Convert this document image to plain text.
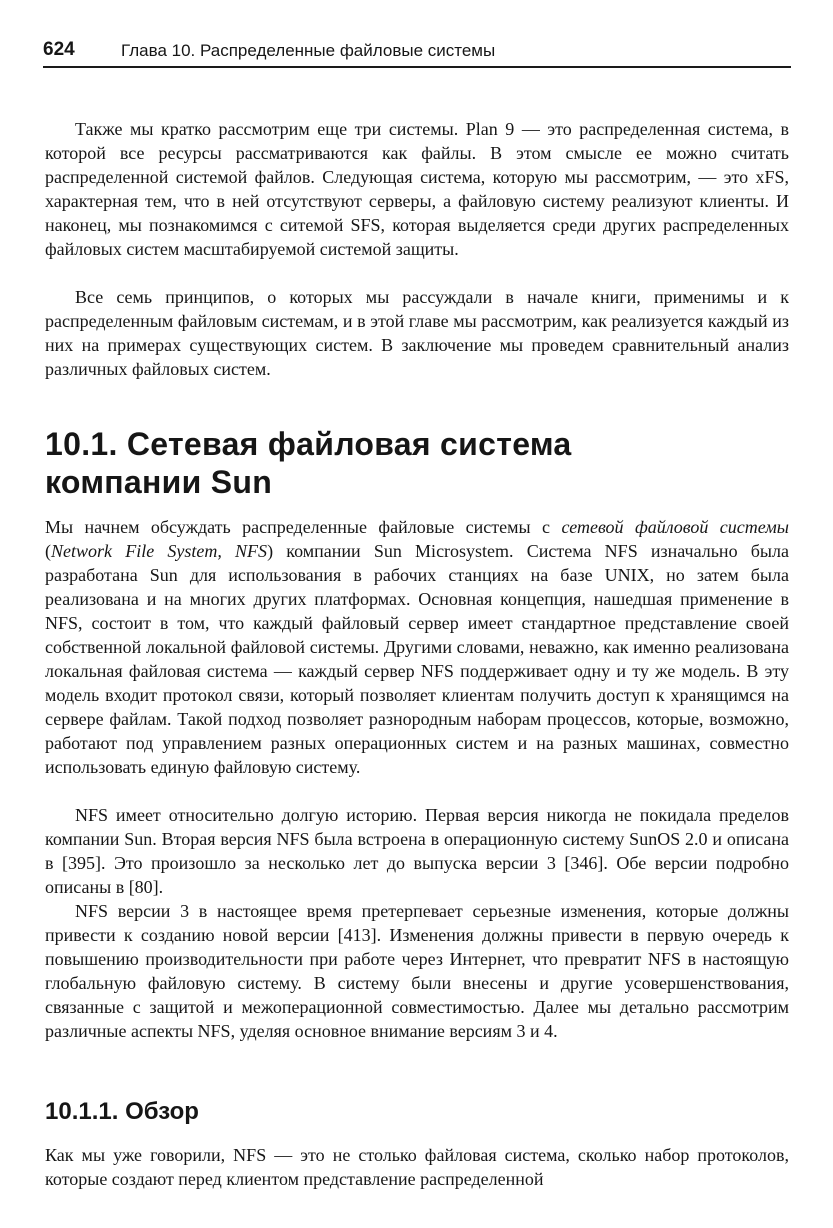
624	Глава 10. Распределенные файловые системы

Также мы кратко рассмотрим еще три системы. Plan 9 — это распределенная система, в которой все ресурсы рассматриваются как файлы. В этом смысле ее можно считать распределенной системой файлов. Следующая система, которую мы рассмотрим, — это xFS, характерная тем, что в ней отсутствуют серверы, а файловую систему реализуют клиенты. И наконец, мы познакомимся с ситемой SFS, которая выделяется среди других распределенных файловых систем масштабируемой системой защиты.

Все семь принципов, о которых мы рассуждали в начале книги, применимы и к распределенным файловым системам, и в этой главе мы рассмотрим, как реализуется каждый из них на примерах существующих систем. В заключение мы проведем сравнительный анализ различных файловых систем.

10.1. Сетевая файловая система
компании Sun

Мы начнем обсуждать распределенные файловые системы с сетевой файловой системы (Network File System, NFS) компании Sun Microsystem. Система NFS изначально была разработана Sun для использования в рабочих станциях на базе UNIX, но затем была реализована и на многих других платформах. Основная концепция, нашедшая применение в NFS, состоит в том, что каждый файловый сервер имеет стандартное представление своей собственной локальной файловой системы. Другими словами, неважно, как именно реализована локальная файловая система — каждый сервер NFS поддерживает одну и ту же модель. В эту модель входит протокол связи, который позволяет клиентам получить доступ к хранящимся на сервере файлам. Такой подход позволяет разнородным наборам процессов, которые, возможно, работают под управлением разных операционных систем и на разных машинах, совместно использовать единую файловую систему.

NFS имеет относительно долгую историю. Первая версия никогда не покидала пределов компании Sun. Вторая версия NFS была встроена в операционную систему SunOS 2.0 и описана в [395]. Это произошло за несколько лет до выпуска версии 3 [346]. Обе версии подробно описаны в [80].

NFS версии 3 в настоящее время претерпевает серьезные изменения, которые должны привести к созданию новой версии [413]. Изменения должны привести в первую очередь к повышению производительности при работе через Интернет, что превратит NFS в настоящую глобальную файловую систему. В систему были внесены и другие усовершенствования, связанные с защитой и межоперационной совместимостью. Далее мы детально рассмотрим различные аспекты NFS, уделяя основное внимание версиям 3 и 4.

10.1.1. Обзор

Как мы уже говорили, NFS — это не столько файловая система, сколько набор протоколов, которые создают перед клиентом представление распределенной
